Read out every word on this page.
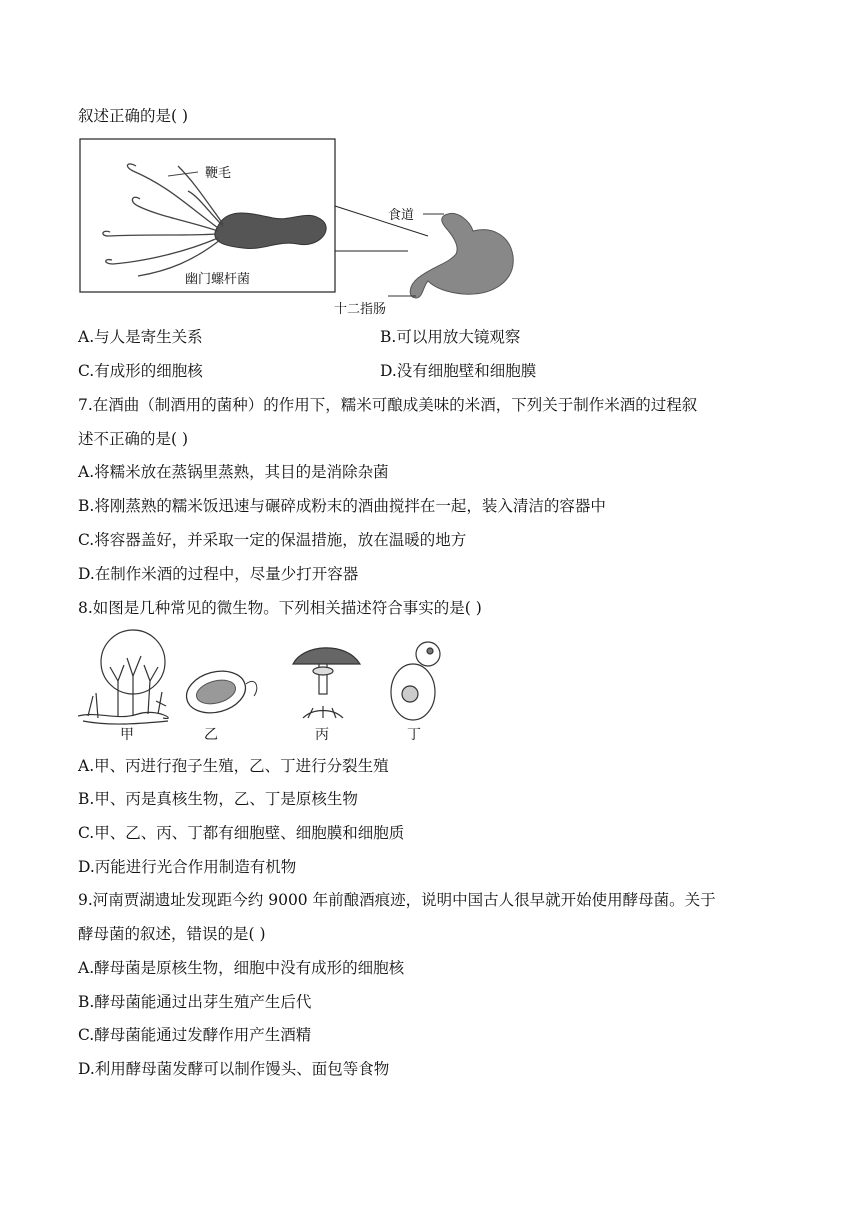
叙述正确的是( )
鞭毛
幽门螺杆菌
食道
十二指肠
A.与人是寄生关系	B.可以用放大镜观察
C.有成形的细胞核	D.没有细胞壁和细胞膜
7.在酒曲（制酒用的菌种）的作用下，糯米可酿成美味的米酒，下列关于制作米酒的过程叙
述不正确的是( )
A.将糯米放在蒸锅里蒸熟，其目的是消除杂菌
B.将刚蒸熟的糯米饭迅速与碾碎成粉末的酒曲搅拌在一起，装入清洁的容器中
C.将容器盖好，并采取一定的保温措施，放在温暖的地方
D.在制作米酒的过程中，尽量少打开容器
8.如图是几种常见的微生物。下列相关描述符合事实的是( )
甲	乙	丙	丁
A.甲、丙进行孢子生殖，乙、丁进行分裂生殖
B.甲、丙是真核生物，乙、丁是原核生物
C.甲、乙、丙、丁都有细胞壁、细胞膜和细胞质
D.丙能进行光合作用制造有机物
9.河南贾湖遗址发现距今约 9000 年前酿酒痕迹，说明中国古人很早就开始使用酵母菌。关于
酵母菌的叙述，错误的是( )
A.酵母菌是原核生物，细胞中没有成形的细胞核
B.酵母菌能通过出芽生殖产生后代
C.酵母菌能通过发酵作用产生酒精
D.利用酵母菌发酵可以制作馒头、面包等食物
